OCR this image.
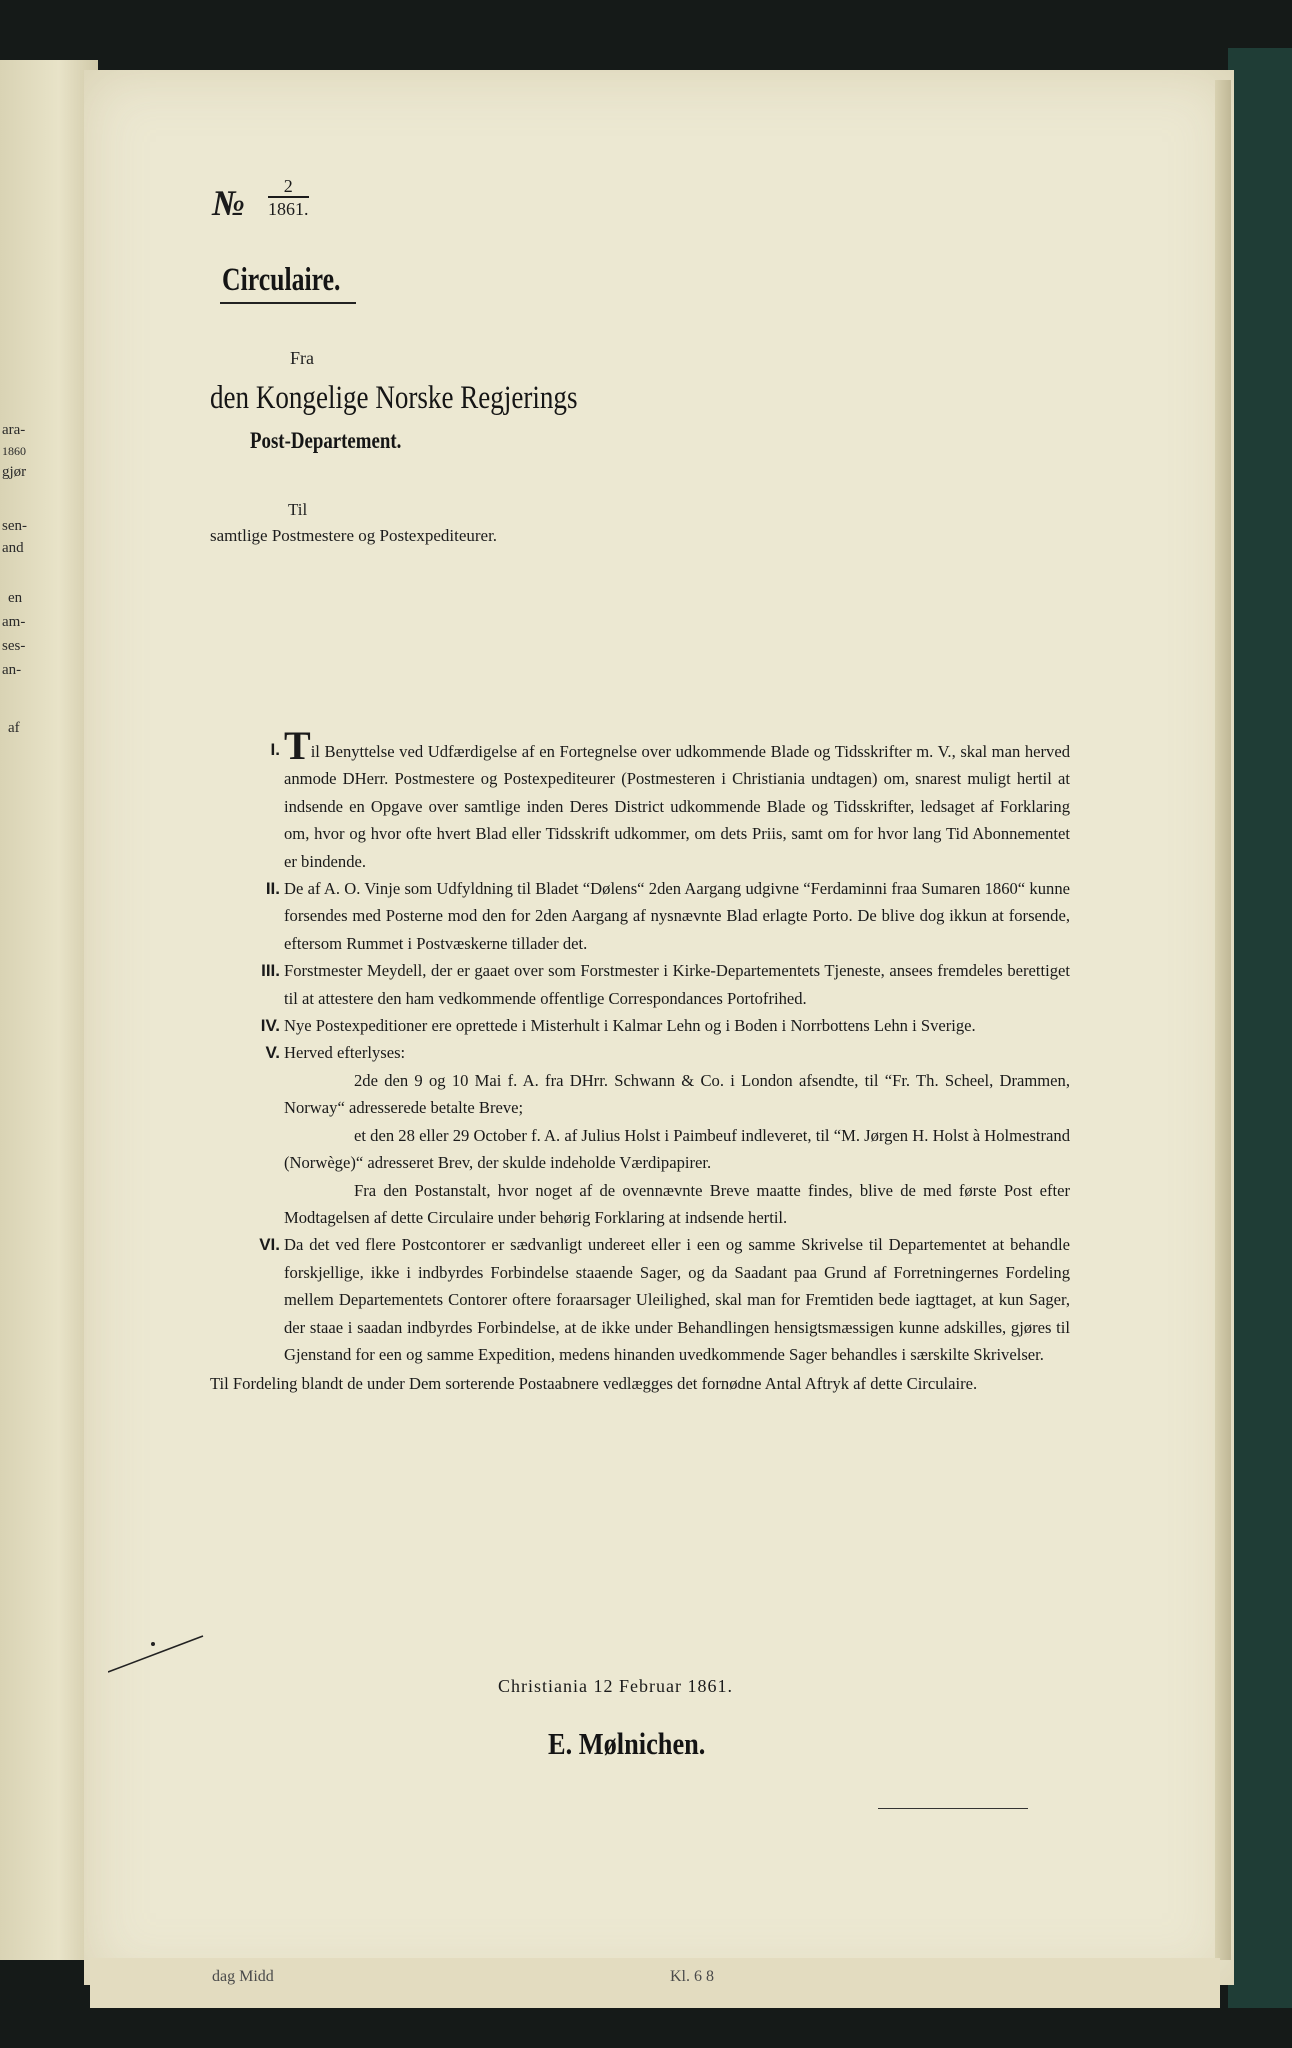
ara-
1860
gjør
sen-
and
en
am-
ses-
an-
af
dag Midd	Kl. 6 8
№ $\frac{2}{1861.}$
Circulaire.
Fra
den Kongelige Norske Regjerings
Post-Departement.
Til
samtlige Postmestere og Postexpediteurer.
I. Til Benyttelse ved Udfærdigelse af en Fortegnelse over udkommende Blade og Tidsskrifter m. V., skal man herved anmode DHerr. Postmestere og Postexpediteurer (Postmesteren i Christiania undtagen) om, snarest muligt hertil at indsende en Opgave over samtlige inden Deres District udkommende Blade og Tidsskrifter, ledsaget af Forklaring om, hvor og hvor ofte hvert Blad eller Tidsskrift udkommer, om dets Priis, samt om for hvor lang Tid Abonnementet er bindende.
II. De af A. O. Vinje som Udfyldning til Bladet “Dølens“ 2den Aargang udgivne “Ferdaminni fraa Sumaren 1860“ kunne forsendes med Posterne mod den for 2den Aargang af nysnævnte Blad erlagte Porto. De blive dog ikkun at forsende, eftersom Rummet i Postvæskerne tillader det.
III. Forstmester Meydell, der er gaaet over som Forstmester i Kirke-Departementets Tjeneste, ansees fremdeles berettiget til at attestere den ham vedkommende offentlige Correspondances Portofrihed.
IV. Nye Postexpeditioner ere oprettede i Misterhult i Kalmar Lehn og i Boden i Norrbottens Lehn i Sverige.
V. Herved efterlyses:
2de den 9 og 10 Mai f. A. fra DHrr. Schwann & Co. i London afsendte, til “Fr. Th. Scheel, Drammen, Norway“ adresserede betalte Breve;
et den 28 eller 29 October f. A. af Julius Holst i Paimbeuf indleveret, til “M. Jørgen H. Holst à Holmestrand (Norwège)“ adresseret Brev, der skulde indeholde Værdipapirer.
Fra den Postanstalt, hvor noget af de ovennævnte Breve maatte findes, blive de med første Post efter Modtagelsen af dette Circulaire under behørig Forklaring at indsende hertil.
VI. Da det ved flere Postcontorer er sædvanligt undereet eller i een og samme Skrivelse til Departementet at behandle forskjellige, ikke i indbyrdes Forbindelse staaende Sager, og da Saadant paa Grund af Forretningernes Fordeling mellem Departementets Contorer oftere foraarsager Uleilighed, skal man for Fremtiden bede iagttaget, at kun Sager, der staae i saadan indbyrdes Forbindelse, at de ikke under Behandlingen hensigtsmæssigen kunne adskilles, gjøres til Gjenstand for een og samme Expedition, medens hinanden uvedkommende Sager behandles i særskilte Skrivelser.
Til Fordeling blandt de under Dem sorterende Postaabnere vedlægges det fornødne Antal Aftryk af dette Circulaire.
Christiania 12 Februar 1861.
E. Mølnichen.
